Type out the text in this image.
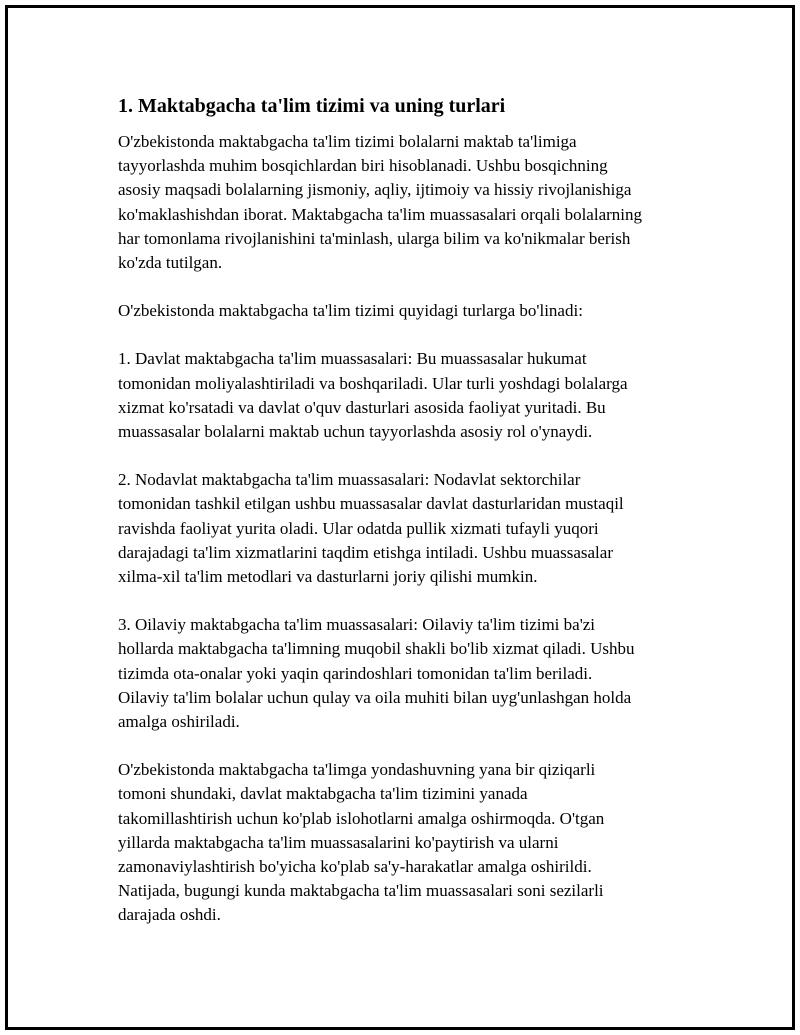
1. Maktabgacha ta'lim tizimi va uning turlari
O'zbekistonda maktabgacha ta'lim tizimi bolalarni maktab ta'limiga
tayyorlashda muhim bosqichlardan biri hisoblanadi. Ushbu bosqichning
asosiy maqsadi bolalarning jismoniy, aqliy, ijtimoiy va hissiy rivojlanishiga
ko'maklashishdan iborat. Maktabgacha ta'lim muassasalari orqali bolalarning
har tomonlama rivojlanishini ta'minlash, ularga bilim va ko'nikmalar berish
ko'zda tutilgan.
O'zbekistonda maktabgacha ta'lim tizimi quyidagi turlarga bo'linadi:
1. Davlat maktabgacha ta'lim muassasalari: Bu muassasalar hukumat
tomonidan moliyalashtiriladi va boshqariladi. Ular turli yoshdagi bolalarga
xizmat ko'rsatadi va davlat o'quv dasturlari asosida faoliyat yuritadi. Bu
muassasalar bolalarni maktab uchun tayyorlashda asosiy rol o'ynaydi.
2. Nodavlat maktabgacha ta'lim muassasalari: Nodavlat sektorchilar
tomonidan tashkil etilgan ushbu muassasalar davlat dasturlaridan mustaqil
ravishda faoliyat yurita oladi. Ular odatda pullik xizmati tufayli yuqori
darajadagi ta'lim xizmatlarini taqdim etishga intiladi. Ushbu muassasalar
xilma-xil ta'lim metodlari va dasturlarni joriy qilishi mumkin.
3. Oilaviy maktabgacha ta'lim muassasalari: Oilaviy ta'lim tizimi ba'zi
hollarda maktabgacha ta'limning muqobil shakli bo'lib xizmat qiladi. Ushbu
tizimda ota-onalar yoki yaqin qarindoshlari tomonidan ta'lim beriladi.
Oilaviy ta'lim bolalar uchun qulay va oila muhiti bilan uyg'unlashgan holda
amalga oshiriladi.
O'zbekistonda maktabgacha ta'limga yondashuvning yana bir qiziqarli
tomoni shundaki, davlat maktabgacha ta'lim tizimini yanada
takomillashtirish uchun ko'plab islohotlarni amalga oshirmoqda. O'tgan
yillarda maktabgacha ta'lim muassasalarini ko'paytirish va ularni
zamonaviylashtirish bo'yicha ko'plab sa'y-harakatlar amalga oshirildi.
Natijada, bugungi kunda maktabgacha ta'lim muassasalari soni sezilarli
darajada oshdi.
